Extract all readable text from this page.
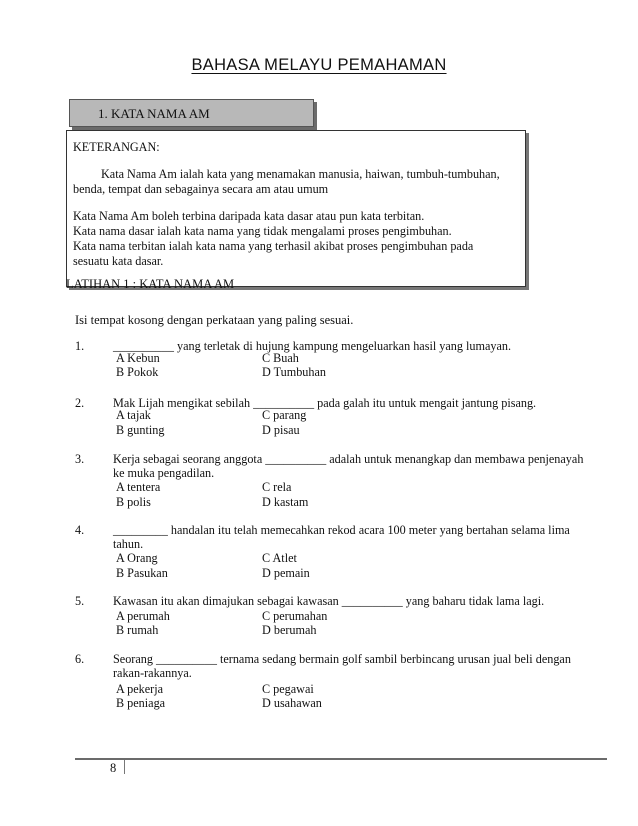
BAHASA MELAYU PEMAHAMAN
1. KATA NAMA AM
KETERANGAN:
Kata Nama Am ialah kata yang menamakan manusia, haiwan, tumbuh-tumbuhan,
benda, tempat dan sebagainya secara am atau umum
Kata Nama Am boleh terbina daripada kata dasar atau pun kata terbitan.
Kata nama dasar ialah kata nama yang tidak mengalami proses pengimbuhan.
Kata nama terbitan ialah kata nama yang terhasil akibat proses pengimbuhan pada
sesuatu kata dasar.
LATIHAN 1 : KATA NAMA AM
Isi tempat kosong dengan perkataan yang paling sesuai.
1. __________ yang terletak di hujung kampung mengeluarkan hasil yang lumayan.
A Kebun	C Buah
B Pokok	D Tumbuhan
2. Mak Lijah mengikat sebilah __________ pada galah itu untuk mengait jantung pisang.
A tajak	C parang
B gunting	D pisau
3. Kerja sebagai seorang anggota __________ adalah untuk menangkap dan membawa penjenayah
ke muka pengadilan.
A tentera	C rela
B polis	D kastam
4. _________ handalan itu telah memecahkan rekod acara 100 meter yang bertahan selama lima
tahun.
A Orang	C Atlet
B Pasukan	D pemain
5. Kawasan itu akan dimajukan sebagai kawasan __________ yang baharu tidak lama lagi.
A perumah	C perumahan
B rumah	D berumah
6. Seorang __________ ternama sedang bermain golf sambil berbincang urusan jual beli dengan
rakan-rakannya.
A pekerja	C pegawai
B peniaga	D usahawan
8
